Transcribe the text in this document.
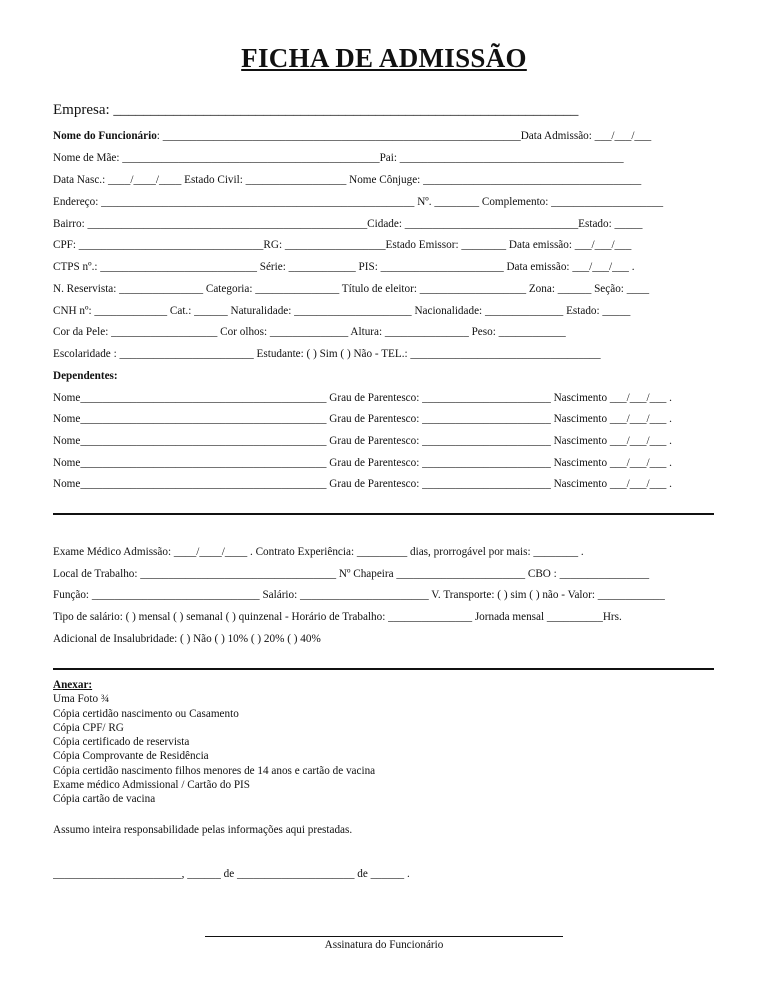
FICHA DE ADMISSÃO
Empresa: ______________________________________________________________
Nome do Funcionário: ________________________________________________________________Data Admissão: ___/___/___
Nome de Mãe: ______________________________________________Pai: ________________________________________
Data Nasc.: ____/____/____ Estado Civil: __________________ Nome Cônjuge: _______________________________________
Endereço: ________________________________________________________ Nº. ________ Complemento: ____________________
Bairro: __________________________________________________Cidade: _______________________________Estado: _____
CPF: _________________________________RG: __________________Estado Emissor: ________ Data emissão: ___/___/___
CTPS nº.: ____________________________ Série: ____________ PIS: ______________________ Data emissão: ___/___/___ .
N. Reservista: _______________ Categoria: _______________ Título de eleitor: ___________________ Zona: ______ Seção: ____
CNH nº: _____________ Cat.: ______ Naturalidade: _____________________ Nacionalidade: ______________ Estado: _____
Cor da Pele: ___________________ Cor olhos: ______________ Altura: _______________ Peso: ____________
Escolaridade : ________________________ Estudante: ( ) Sim ( ) Não - TEL.: __________________________________
Dependentes:
Nome____________________________________________ Grau de Parentesco: _______________________ Nascimento ___/___/___ .
Nome____________________________________________ Grau de Parentesco: _______________________ Nascimento ___/___/___ .
Nome____________________________________________ Grau de Parentesco: _______________________ Nascimento ___/___/___ .
Nome____________________________________________ Grau de Parentesco: _______________________ Nascimento ___/___/___ .
Nome____________________________________________ Grau de Parentesco: _______________________ Nascimento ___/___/___ .
Exame Médico Admissão: ____/____/____ . Contrato Experiência: _________ dias, prorrogável por mais: ________ .
Local de Trabalho: ___________________________________ Nº Chapeira _______________________ CBO : ________________
Função: ______________________________ Salário: _______________________ V. Transporte: ( ) sim ( ) não - Valor: ____________
Tipo de salário: ( ) mensal ( ) semanal ( ) quinzenal - Horário de Trabalho: _______________ Jornada mensal __________Hrs.
Adicional de Insalubridade: ( ) Não ( ) 10% ( ) 20% ( ) 40%
Anexar:
Uma Foto ¾
Cópia certidão nascimento ou Casamento
Cópia CPF/ RG
Cópia certificado de reservista
Cópia Comprovante de Residência
Cópia certidão nascimento filhos menores de 14 anos e cartão de vacina
Exame médico Admissional / Cartão do PIS
Cópia cartão de vacina
Assumo inteira responsabilidade pelas informações aqui prestadas.
_______________________, ______ de _____________________ de ______ .
Assinatura do Funcionário
